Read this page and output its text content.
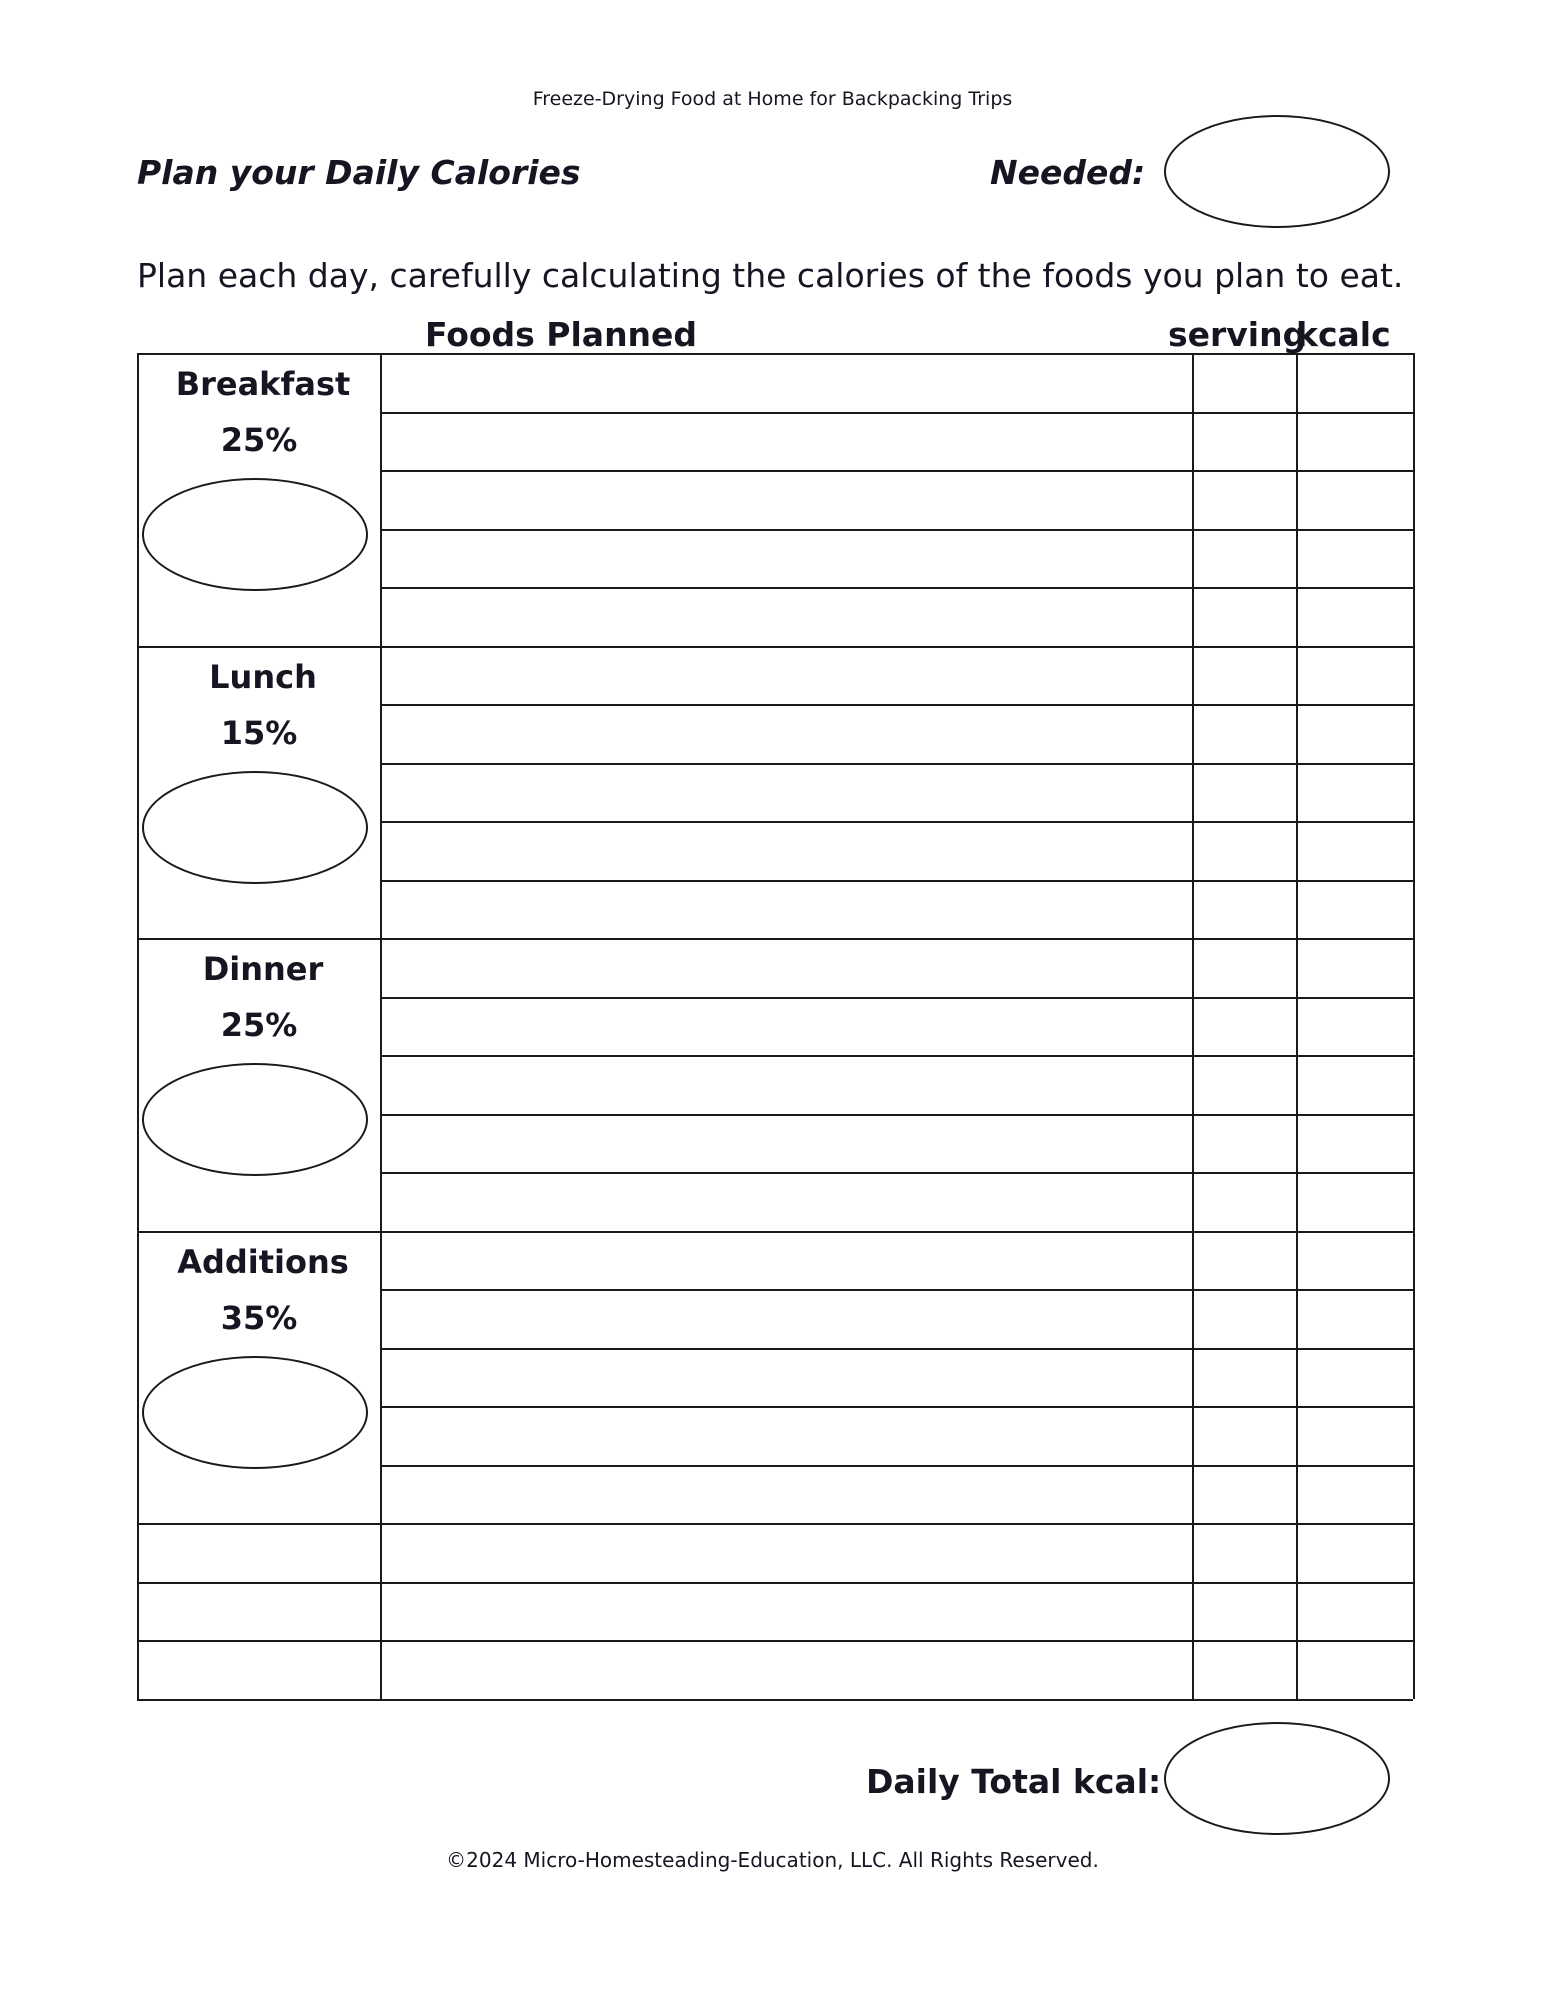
Freeze-Drying Food at Home for Backpacking Trips
Plan your Daily Calories	Needed:
Plan each day, carefully calculating the calories of the foods you plan to eat.
Foods Planned	serving
kcalc
Breakfast
25%
Lunch
15%
Dinner
25%
Additions
35%
Daily Total kcal:
©2024 Micro-Homesteading-Education, LLC. All Rights Reserved.
